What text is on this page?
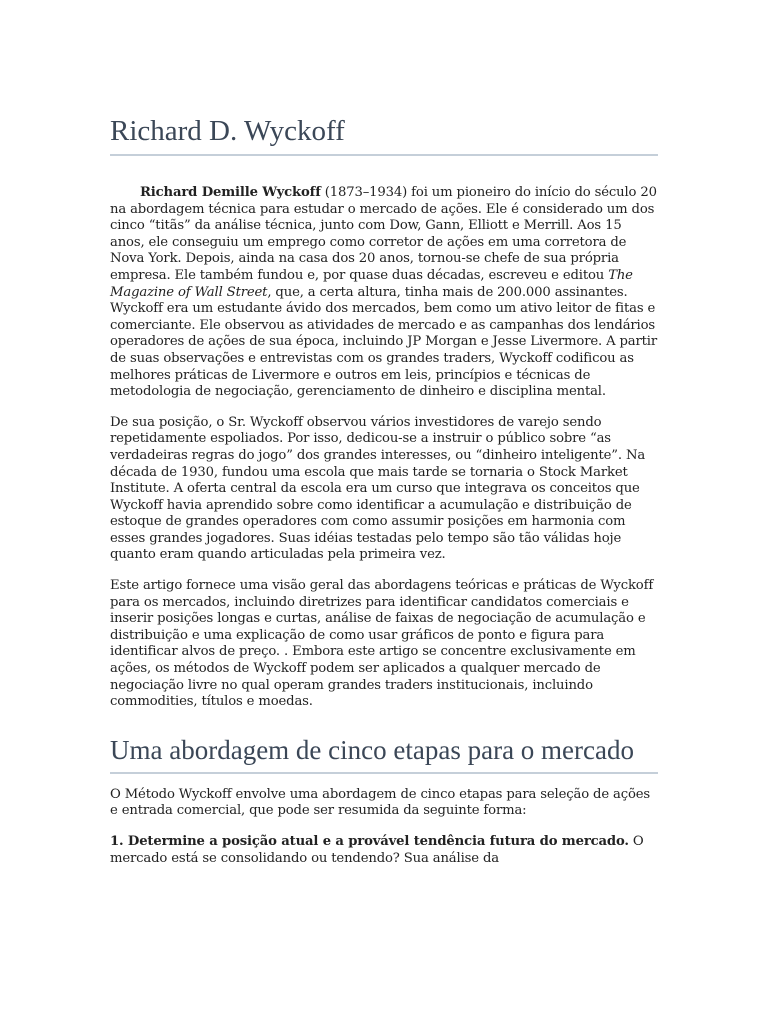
Richard D. Wyckoff

Richard Demille Wyckoff (1873–1934) foi um pioneiro do início do século 20 na abordagem técnica para estudar o mercado de ações. Ele é considerado um dos cinco “titãs” da análise técnica, junto com Dow, Gann, Elliott e Merrill. Aos 15 anos, ele conseguiu um emprego como corretor de ações em uma corretora de Nova York. Depois, ainda na casa dos 20 anos, tornou-se chefe de sua própria empresa. Ele também fundou e, por quase duas décadas, escreveu e editou The Magazine of Wall Street, que, a certa altura, tinha mais de 200.000 assinantes. Wyckoff era um estudante ávido dos mercados, bem como um ativo leitor de fitas e comerciante. Ele observou as atividades de mercado e as campanhas dos lendários operadores de ações de sua época, incluindo JP Morgan e Jesse Livermore. A partir de suas observações e entrevistas com os grandes traders, Wyckoff codificou as melhores práticas de Livermore e outros em leis, princípios e técnicas de metodologia de negociação, gerenciamento de dinheiro e disciplina mental.

De sua posição, o Sr. Wyckoff observou vários investidores de varejo sendo repetidamente espoliados. Por isso, dedicou-se a instruir o público sobre “as verdadeiras regras do jogo” dos grandes interesses, ou “dinheiro inteligente”. Na década de 1930, fundou uma escola que mais tarde se tornaria o Stock Market Institute. A oferta central da escola era um curso que integrava os conceitos que Wyckoff havia aprendido sobre como identificar a acumulação e distribuição de estoque de grandes operadores com como assumir posições em harmonia com esses grandes jogadores. Suas idéias testadas pelo tempo são tão válidas hoje quanto eram quando articuladas pela primeira vez.

Este artigo fornece uma visão geral das abordagens teóricas e práticas de Wyckoff para os mercados, incluindo diretrizes para identificar candidatos comerciais e inserir posições longas e curtas, análise de faixas de negociação de acumulação e distribuição e uma explicação de como usar gráficos de ponto e figura para identificar alvos de preço. . Embora este artigo se concentre exclusivamente em ações, os métodos de Wyckoff podem ser aplicados a qualquer mercado de negociação livre no qual operam grandes traders institucionais, incluindo commodities, títulos e moedas.

Uma abordagem de cinco etapas para o mercado

O Método Wyckoff envolve uma abordagem de cinco etapas para seleção de ações e entrada comercial, que pode ser resumida da seguinte forma:

1. Determine a posição atual e a provável tendência futura do mercado. O mercado está se consolidando ou tendendo? Sua análise da
